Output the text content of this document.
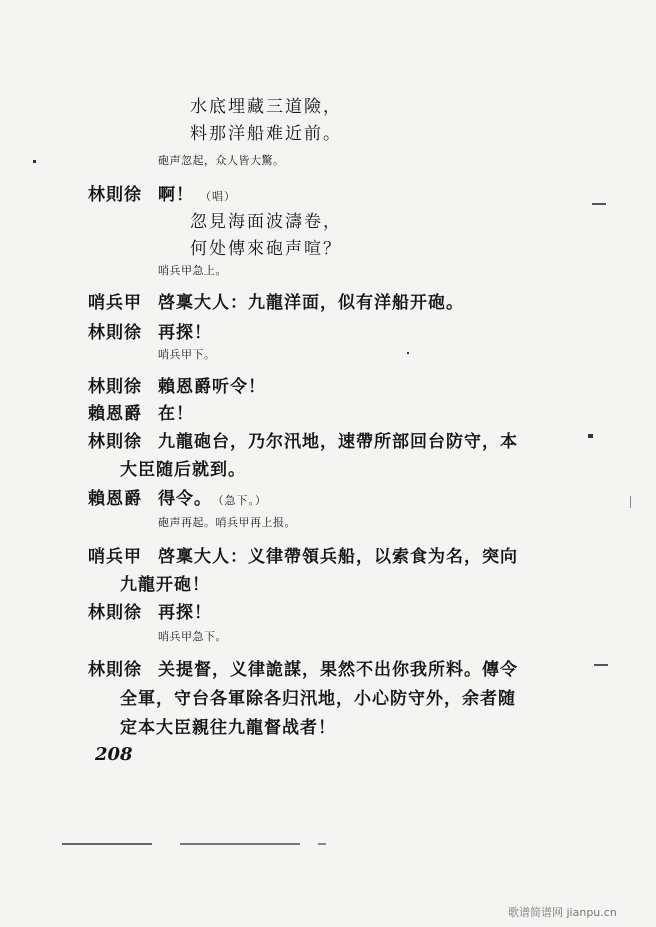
水底埋藏三道險，
料那洋船难近前。
砲声忽起，众人皆大驚。
林則徐 啊！ （唱）
忽見海面波濤卷，
何处傳來砲声喧？
哨兵甲急上。
哨兵甲 啓稟大人：九龍洋面，似有洋船开砲。
林則徐 再探！
哨兵甲下。
林則徐 賴恩爵听令！
賴恩爵 在！
林則徐 九龍砲台，乃尔汛地，速帶所部回台防守，本
大臣随后就到。
賴恩爵 得令。 （急下。）
砲声再起。哨兵甲再上报。
哨兵甲 啓稟大人：义律帶領兵船，以索食为名，突向
九龍开砲！
林則徐 再探！
哨兵甲急下。
林則徐 关提督，义律詭謀，果然不出你我所料。傳令
全軍，守台各軍除各归汛地，小心防守外，余者随
定本大臣親往九龍督战者！
208
歌谱简谱网 jianpu.cn
